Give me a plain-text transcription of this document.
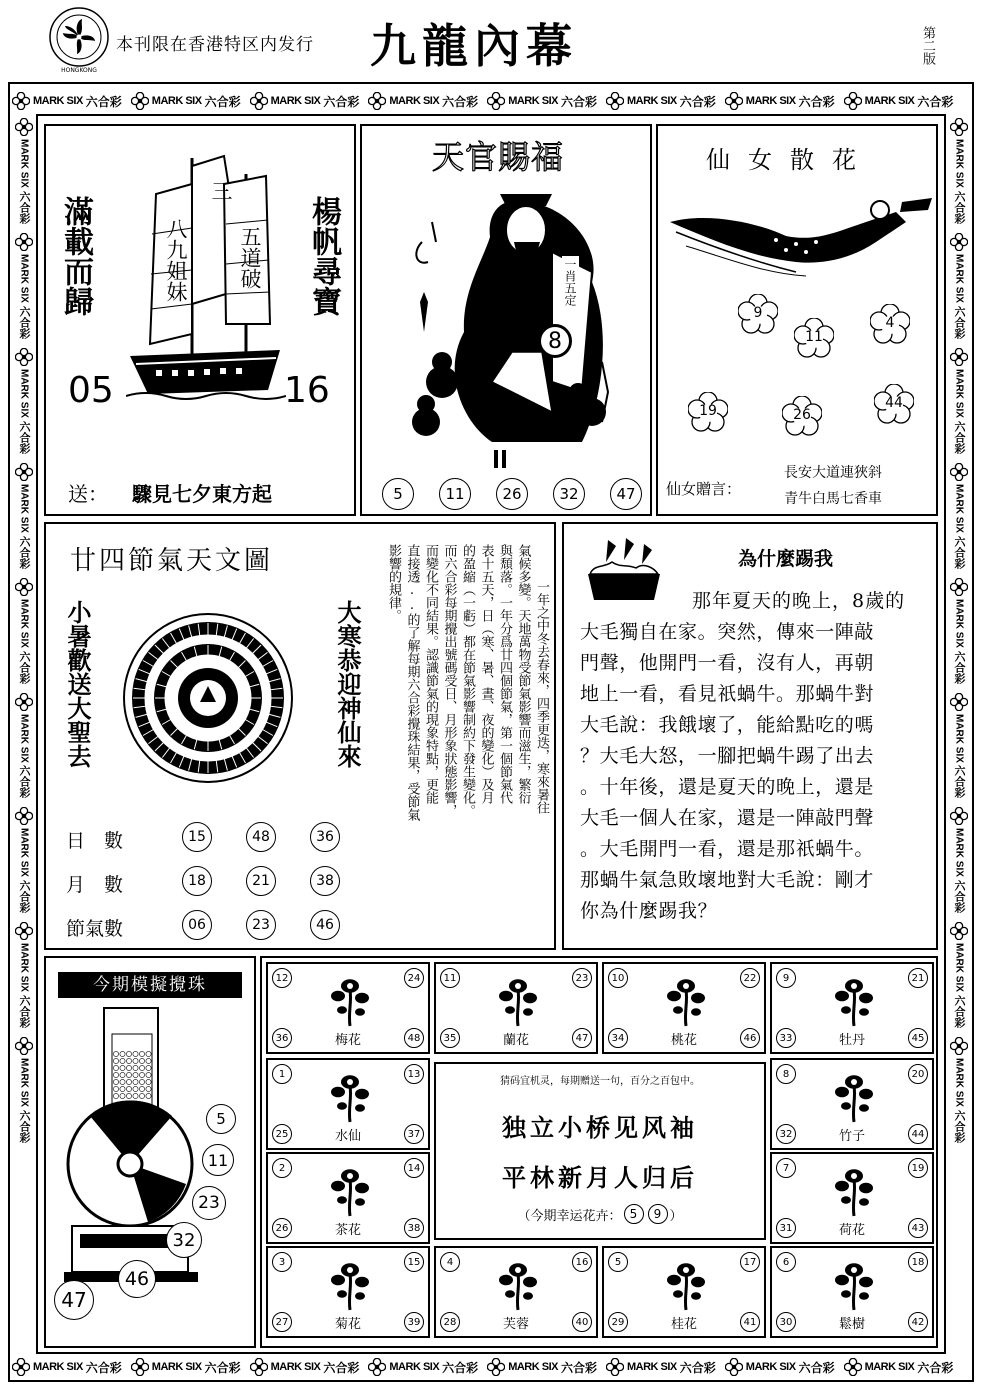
HONGKONG
本刊限在香港特区内发行 九龍內幕	第二版
MARK SIX 六合彩	MARK SIX 六合彩	MARK SIX 六合彩	MARK SIX 六合彩	MARK SIX 六合彩	MARK SIX 六合彩	MARK SIX 六合彩	MARK SIX 六合彩
MARK SIX 六合彩	MARK SIX 六合彩	MARK SIX 六合彩	MARK SIX 六合彩	MARK SIX 六合彩	MARK SIX 六合彩	MARK SIX 六合彩	MARK SIX 六合彩
MARK SIX
六合彩
MARK SIX
六合彩
MARK SIX
六合彩
MARK SIX
六合彩
MARK SIX
六合彩
MARK SIX
六合彩
MARK SIX
六合彩
MARK SIX
六合彩
MARK SIX
六合彩
MARK SIX
六合彩
MARK SIX
六合彩
MARK SIX
六合彩
MARK SIX
六合彩
MARK SIX
六合彩
MARK SIX
六合彩
MARK SIX
六合彩
MARK SIX
六合彩
MARK SIX
六合彩
滿載而歸	楊帆尋寶
八九姐妹
三
五道破
05	16
送： 驟見七夕東方起
天官賜福
一肖五定
8
5	11	26	32	47
仙女散花
仙女贈言：
長安大道連狹斜
青牛白馬七香車
9
4
11
19	26
44
廿四節氣天文圖
小暑歡送大聖去	大寒恭迎神仙來	一年之中冬去春來，四季更迭，寒來暑往
氣候多變。天地萬物受節氣影響而滋生，繁衍
與頹落。一年分爲廿四個節氣，第一個節氣代
表十五天，日（寒、暑、晝、夜的變化）及月
的盈縮（一虧）都在節氣影響制約下發生變化。
而六合彩每期攪出號碼受日、月形象狀態影響，
而變化不同結果。認識節氣的現象特點，更能
直接透..的了解每期六合彩攪珠結果，受節氣
影響的規律。
日　數	15	48	36
月　數	18	21	38
節氣數	06	23	46
為什麼踢我
那年夏天的晚上，8歲的
大毛獨自在家。突然，傳來一陣敲
門聲，他開門一看，沒有人，再朝
地上一看，看見祇蝸牛。那蝸牛對
大毛說：我餓壞了，能給點吃的嗎
？大毛大怒，一腳把蝸牛踢了出去
。十年後，還是夏天的晚上，還是
大毛一個人在家，還是一陣敲門聲
。大毛開門一看，還是那祇蝸牛。
那蝸牛氣急敗壞地對大毛說：剛才
你為什麼踢我？
今期模擬攪珠
5
11
23
32
46
47
12	24
36	48
梅花
11	23
35	47
蘭花
10	22
34	46
桃花
9	21
33	45
牡丹
1	13
25	37
水仙
8	20
32	44
竹子
2	14
26	38
茶花
7	19
31	43
荷花
3	15
27	39
菊花
4	16
28	40
芙蓉
5	17
29	41
桂花
6	18
30	42
鬆樹
猜码宜机灵，每期赠送一句，百分之百包中。
独立小桥见风袖
平林新月人归后
（今期幸运花卉： 5	9 ）
